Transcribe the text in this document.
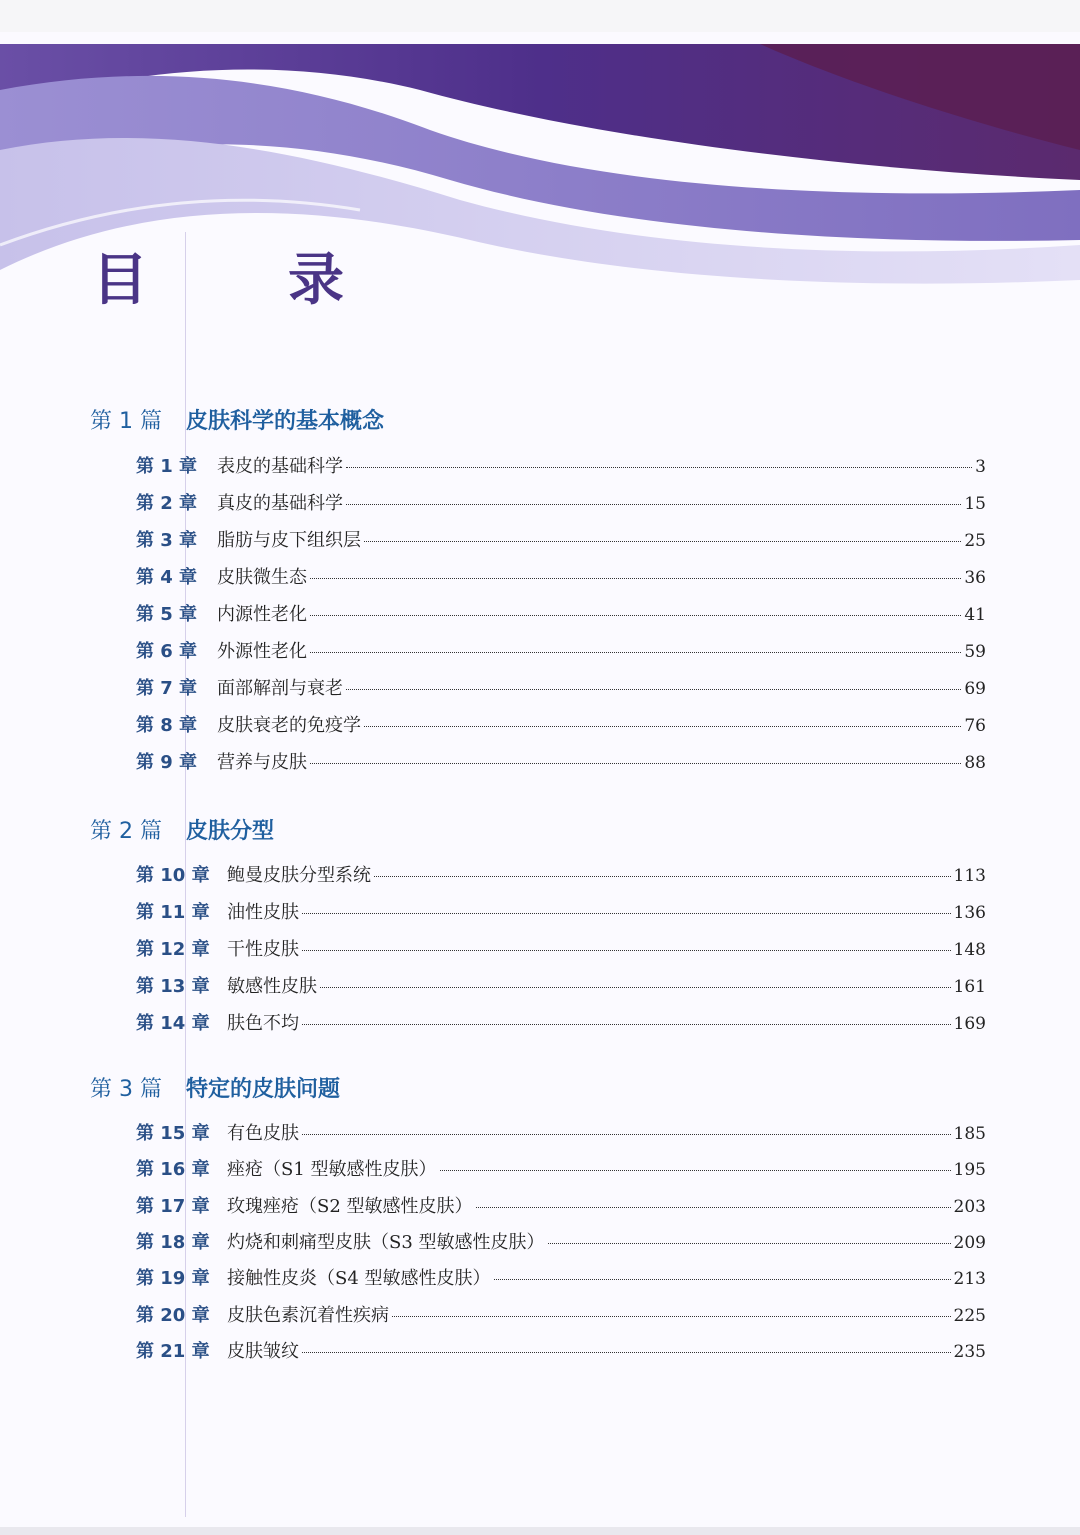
目　录
第 1 篇 皮肤科学的基本概念
第 1 章	表皮的基础科学	3
第 2 章	真皮的基础科学	15
第 3 章	脂肪与皮下组织层	25
第 4 章	皮肤微生态	36
第 5 章	内源性老化	41
第 6 章	外源性老化	59
第 7 章	面部解剖与衰老	69
第 8 章	皮肤衰老的免疫学	76
第 9 章	营养与皮肤	88
第 2 篇 皮肤分型
第 10 章 鲍曼皮肤分型系统	113
第 11 章 油性皮肤	136
第 12 章 干性皮肤	148
第 13 章 敏感性皮肤	161
第 14 章 肤色不均	169
第 3 篇 特定的皮肤问题
第 15 章 有色皮肤	185
第 16 章 痤疮（S1 型敏感性皮肤）	195
第 17 章 玫瑰痤疮（S2 型敏感性皮肤）	203
第 18 章 灼烧和刺痛型皮肤（S3 型敏感性皮肤）	209
第 19 章 接触性皮炎（S4 型敏感性皮肤）	213
第 20 章 皮肤色素沉着性疾病	225
第 21 章 皮肤皱纹	235
